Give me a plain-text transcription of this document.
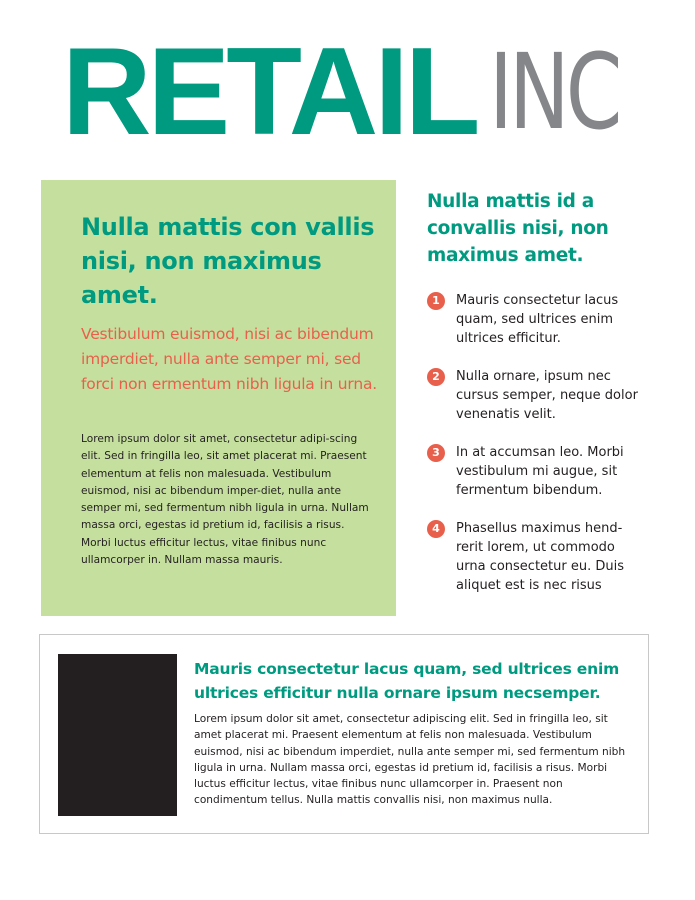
RETAIL INC
Nulla mattis con vallis nisi, non maximus amet.

Vestibulum euismod, nisi ac bibendum imperdiet, nulla ante semper mi, sed forci non ermentum nibh ligula in urna.

Lorem ipsum dolor sit amet, consectetur adipi-scing elit. Sed in fringilla leo, sit amet placerat mi. Praesent elementum at felis non malesuada. Vestibulum euismod, nisi ac bibendum imper-diet, nulla ante semper mi, sed fermentum nibh ligula in urna. Nullam massa orci, egestas id pretium id, facilisis a risus. Morbi luctus efficitur lectus, vitae finibus nunc ullamcorper in. Nullam massa mauris.

Nulla mattis id a convallis nisi, non maximus amet.
1	Mauris consectetur lacus quam, sed ultrices enim ultrices efficitur.

2	Nulla ornare, ipsum nec cursus semper, neque dolor venenatis velit.

3	In at accumsan leo. Morbi vestibulum mi augue, sit fermentum bibendum.

4	Phasellus maximus hend-rerit lorem, ut commodo urna consectetur eu. Duis aliquet est is nec risus

Mauris consectetur lacus quam, sed ultrices enim ultrices efficitur nulla ornare ipsum necsemper.

Lorem ipsum dolor sit amet, consectetur adipiscing elit. Sed in fringilla leo, sit amet placerat mi. Praesent elementum at felis non malesuada. Vestibulum euismod, nisi ac bibendum imperdiet, nulla ante semper mi, sed fermentum nibh ligula in urna. Nullam massa orci, egestas id pretium id, facilisis a risus. Morbi luctus efficitur lectus, vitae finibus nunc ullamcorper in. Praesent non condimentum tellus. Nulla mattis convallis nisi, non maximus nulla.
